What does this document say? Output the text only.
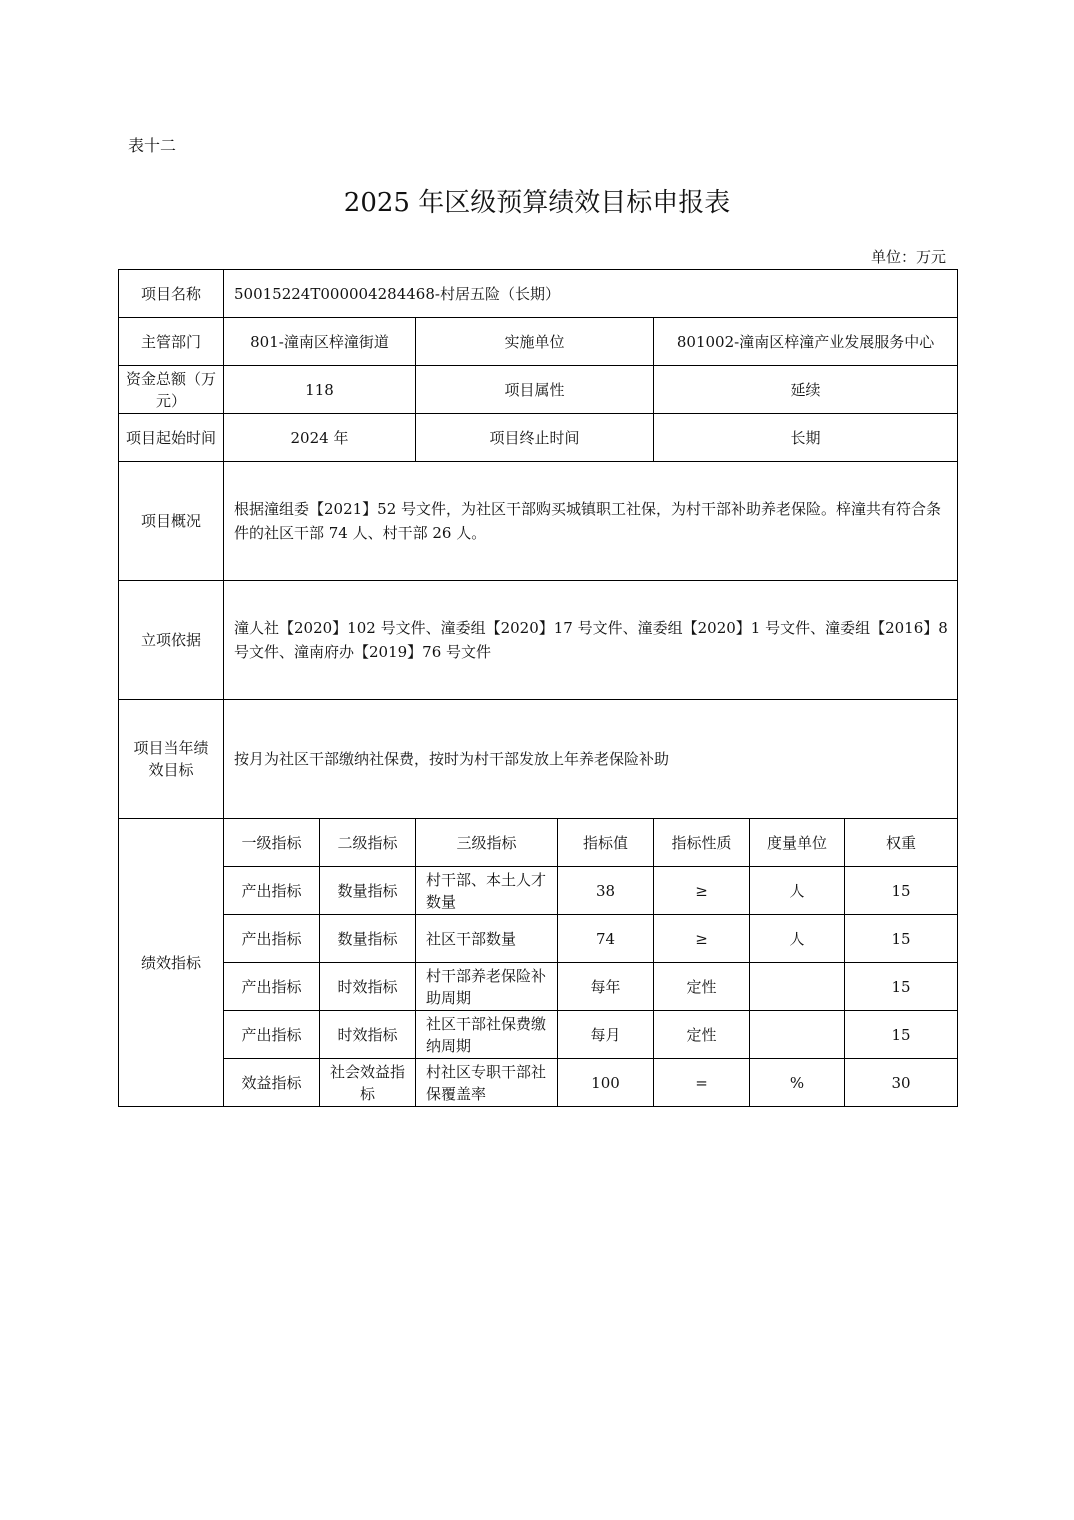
表十二
2025 年区级预算绩效目标申报表
单位：万元
项目名称	50015224T000004284468-村居五险（长期）						
主管部门	801-潼南区梓潼街道		实施单位		801002-潼南区梓潼产业发展服务中心		
资金总额（万元）	118		项目属性		延续		
项目起始时间	2024 年		项目终止时间		长期		
项目概况	根据潼组委【2021】52 号文件，为社区干部购买城镇职工社保，为村干部补助养老保险。梓潼共有符合条件的社区干部 74 人、村干部 26 人。						
立项依据	潼人社【2020】102 号文件、潼委组【2020】17 号文件、潼委组【2020】1 号文件、潼委组【2016】8 号文件、潼南府办【2019】76 号文件						
项目当年绩效目标	按月为社区干部缴纳社保费，按时为村干部发放上年养老保险补助						
绩效指标	一级指标	二级指标	三级指标	指标值	指标性质	度量单位	权重
	产出指标	数量指标	村干部、本土人才数量	38	≥	人	15
	产出指标	数量指标	社区干部数量	74	≥	人	15
	产出指标	时效指标	村干部养老保险补助周期	每年	定性		15
	产出指标	时效指标	社区干部社保费缴纳周期	每月	定性		15
	效益指标	社会效益指标	村社区专职干部社保覆盖率	100	=	%	30
